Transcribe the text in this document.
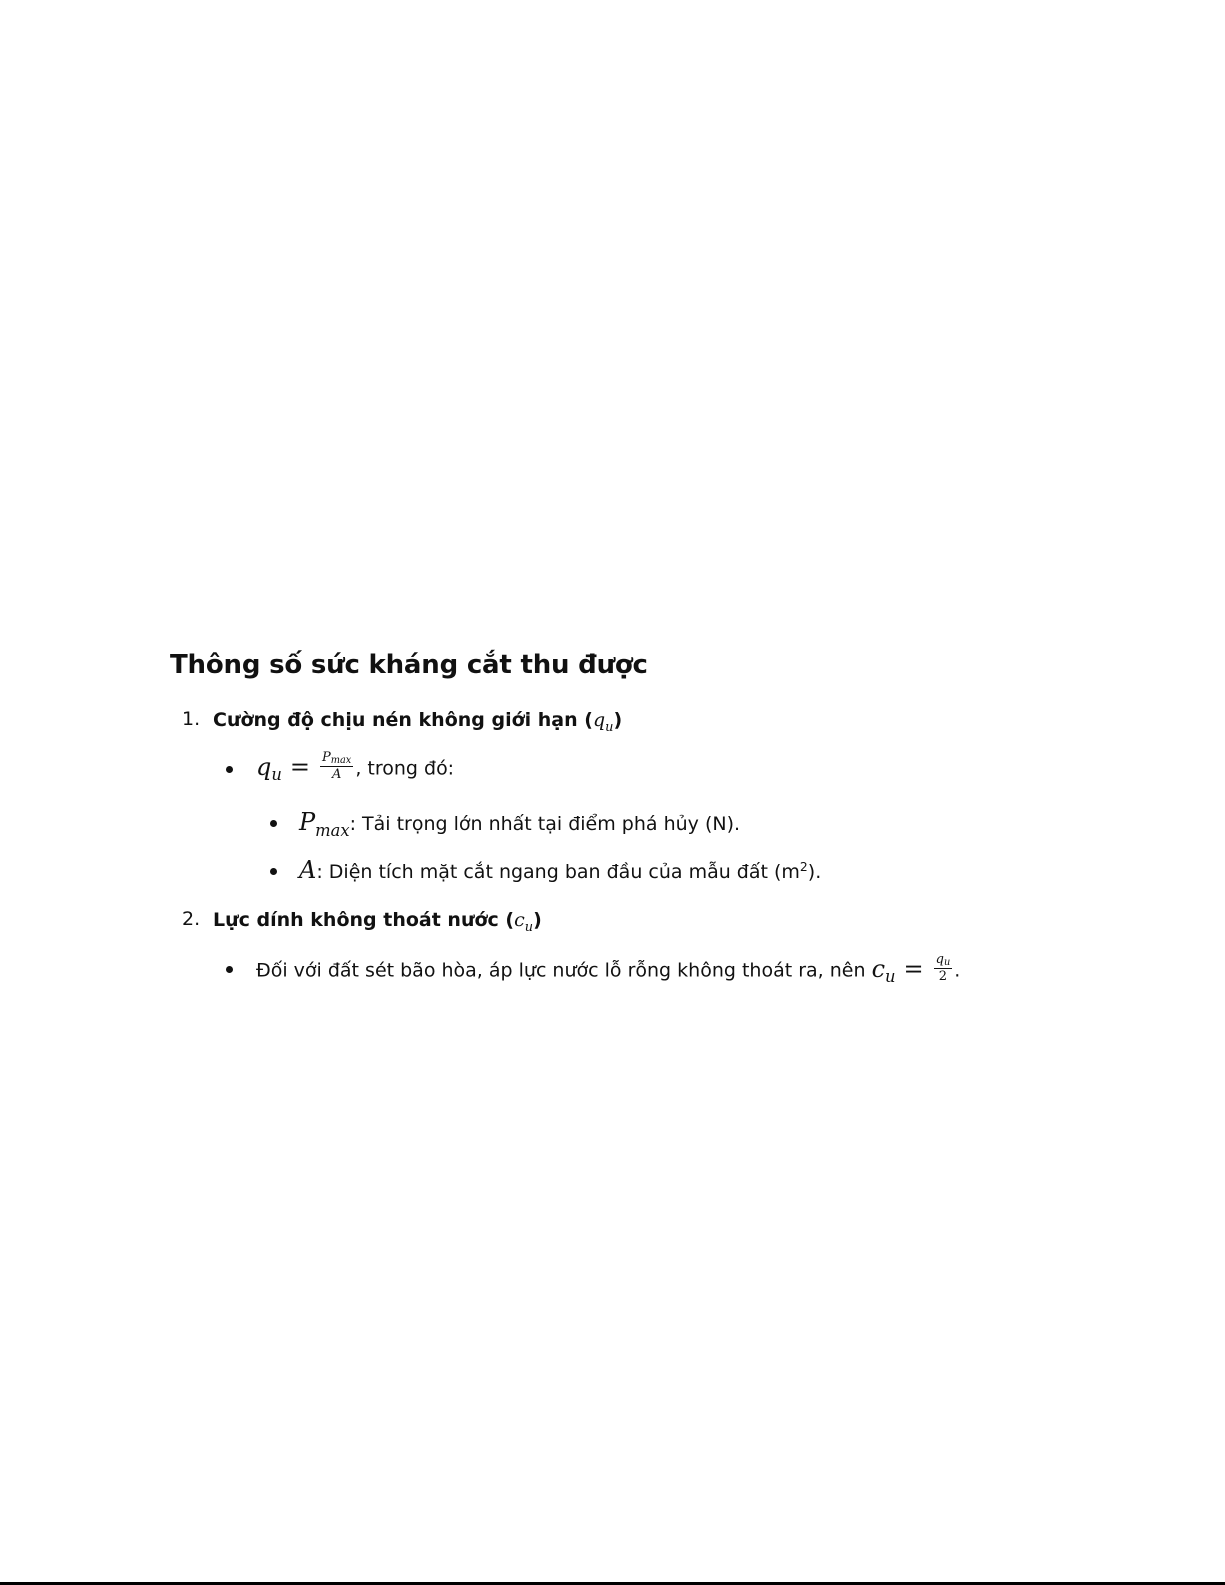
Thông số sức kháng cắt thu được
1. Cường độ chịu nén không giới hạn $(q_u)$
$q_u = \frac{Pmax}{A}$ , trong đó:
$P_{max}$: Tải trọng lớn nhất tại điểm phá hủy (N).
A: Diện tích mặt cắt ngang ban đầu của mẫu đất $(m^2)$.
2. Lực dính không thoát nước $(c_u)$
Đối với đất sét bão hòa, áp lực nước lỗ rỗng không thoát ra, nên $c_u = \frac{qu}{2}$ .
